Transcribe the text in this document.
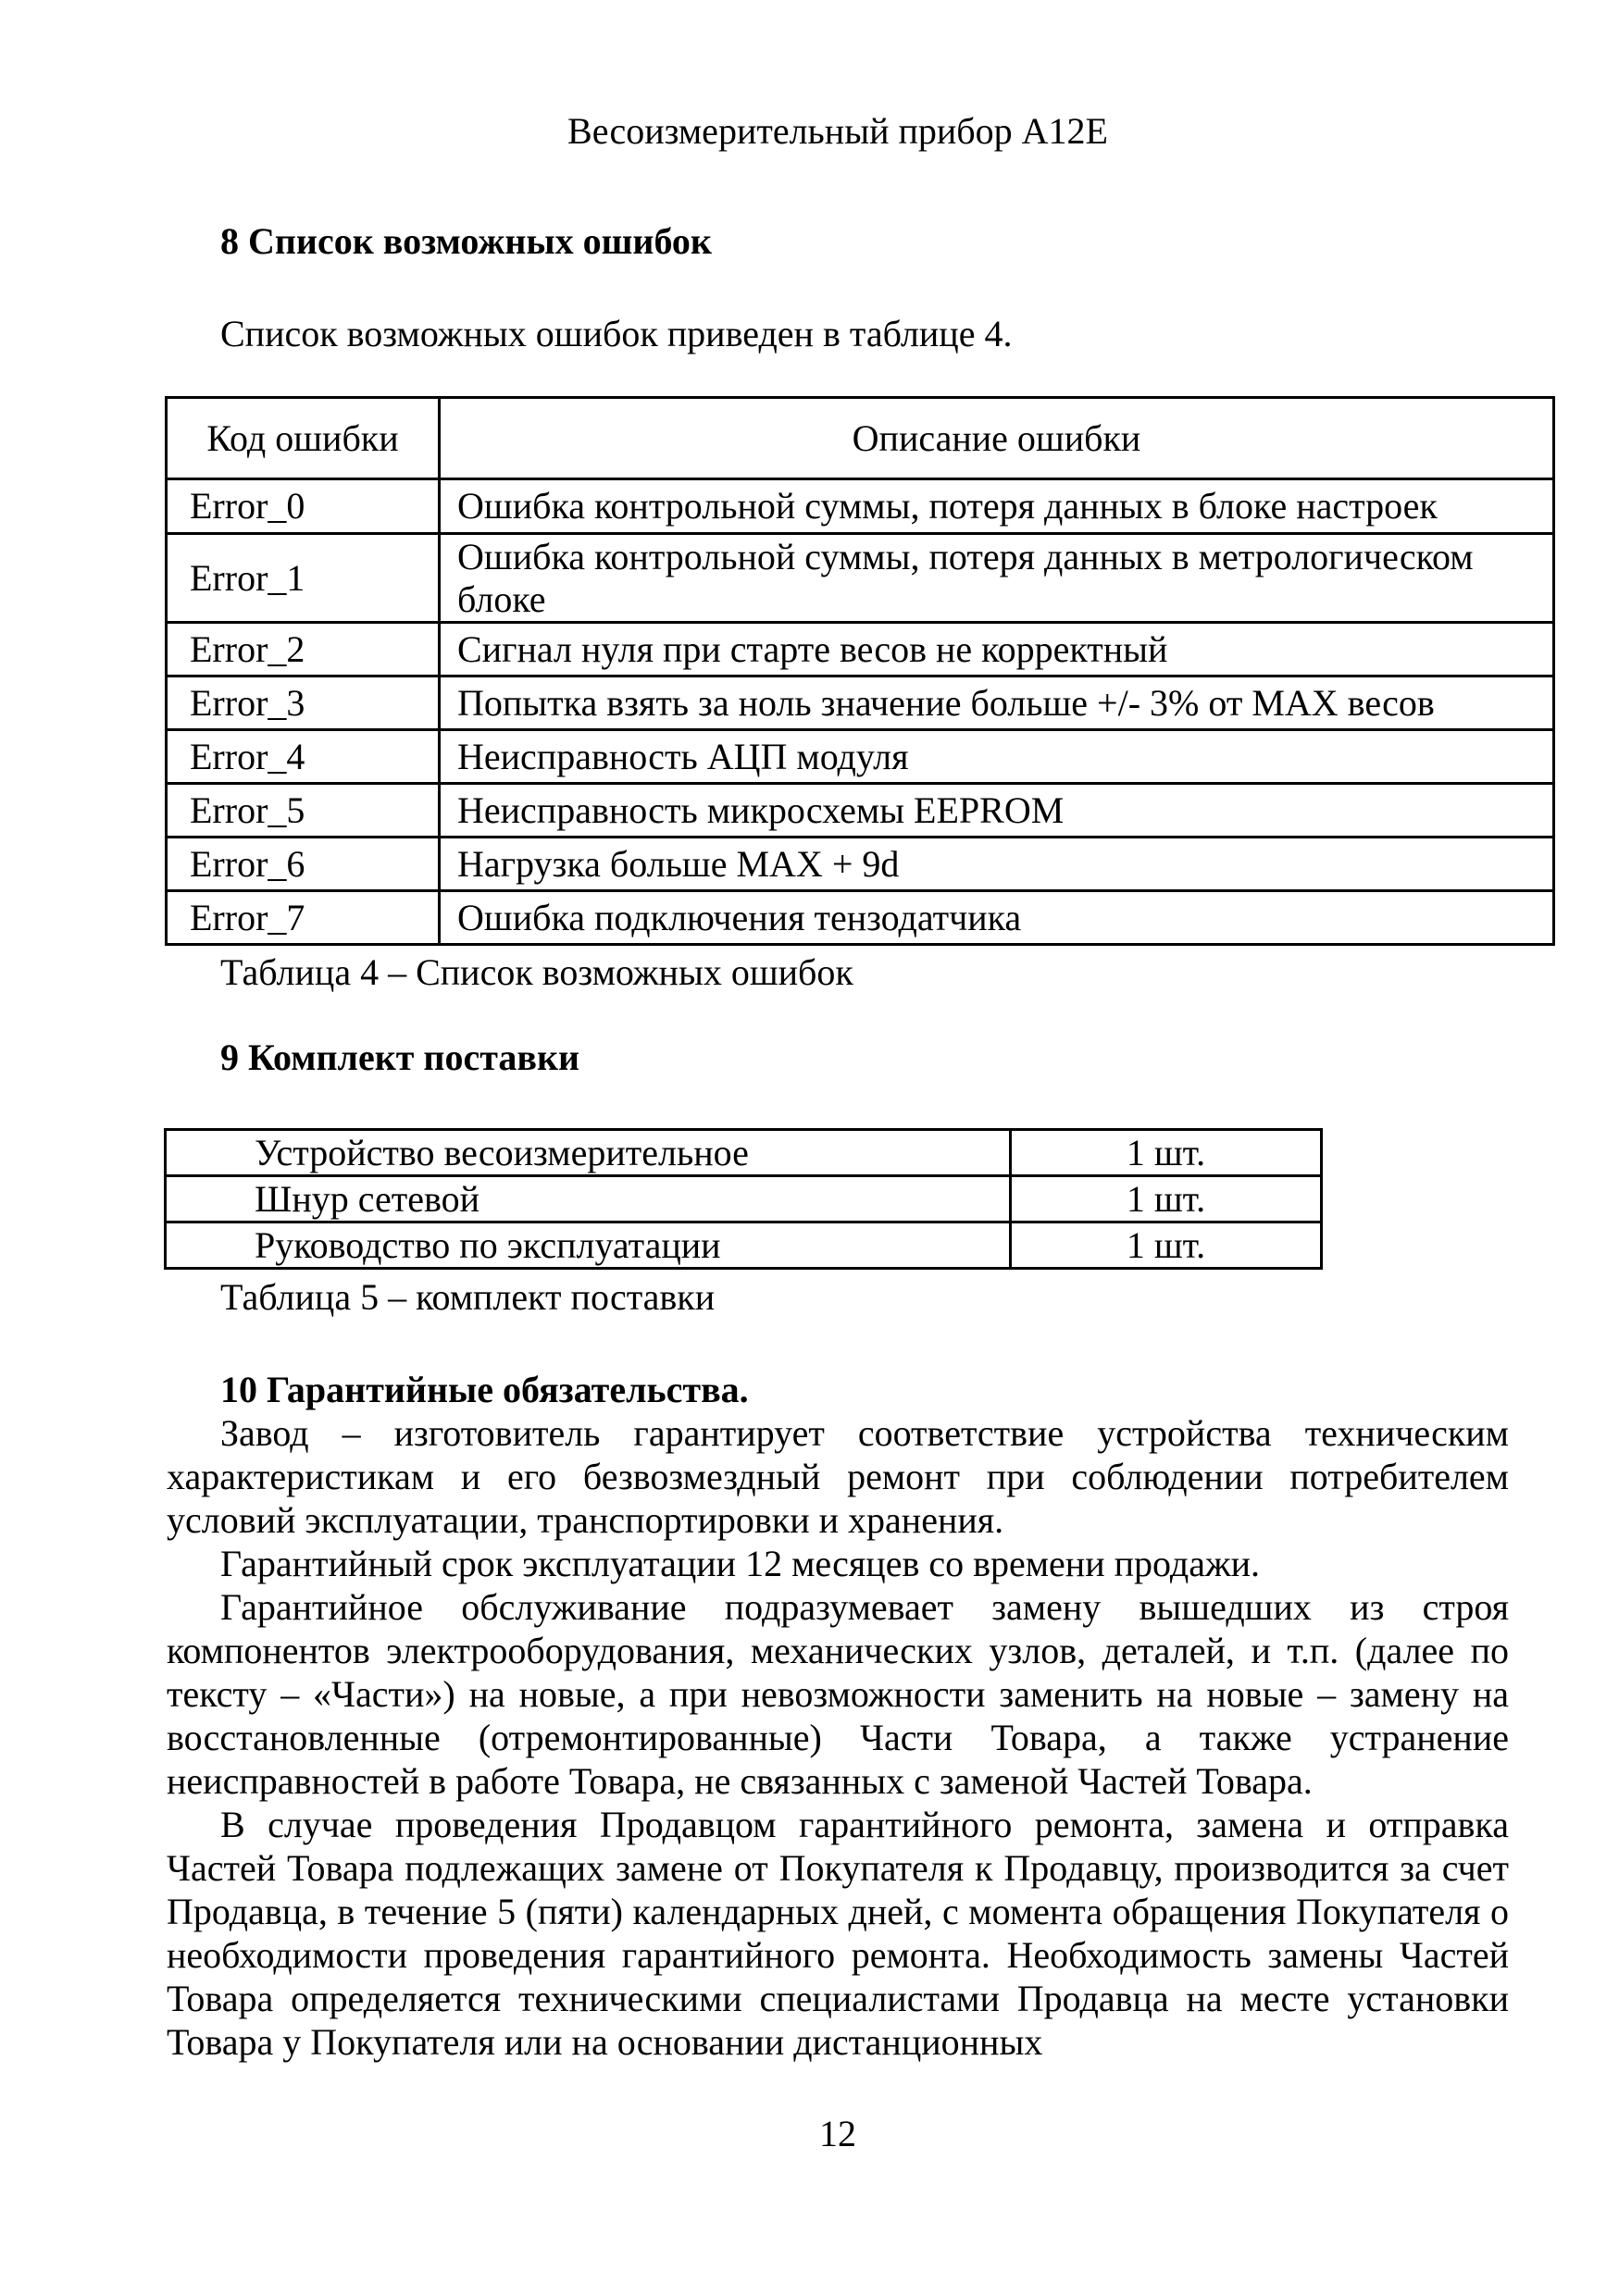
Весоизмерительный прибор А12Е
8 Список возможных ошибок

Список возможных ошибок приведен в таблице 4.

Код ошибки	Описание ошибки
Error_0	Ошибка контрольной суммы, потеря данных в блоке настроек
Error_1	Ошибка контрольной суммы, потеря данных в метрологическом блоке
Error_2	Сигнал нуля при старте весов не корректный
Error_3	Попытка взять за ноль значение больше +/- 3% от MAX весов
Error_4	Неисправность АЦП модуля
Error_5	Неисправность микросхемы EEPROM
Error_6	Нагрузка больше MAX + 9d
Error_7	Ошибка подключения тензодатчика

Таблица 4 – Список возможных ошибок

9 Комплект поставки
Устройство весоизмерительное	1 шт.
Шнур сетевой	1 шт.
Руководство по эксплуатации	1 шт.

Таблица 5 – комплект поставки

10 Гарантийные обязательства.

Завод – изготовитель гарантирует соответствие устройства техническим характеристикам и его безвозмездный ремонт при соблюдении потребителем условий эксплуатации, транспортировки и хранения.

Гарантийный срок эксплуатации 12 месяцев со времени продажи.

Гарантийное обслуживание подразумевает замену вышедших из строя компонентов электрооборудования, механических узлов, деталей, и т.п. (далее по тексту – «Части») на новые, а при невозможности заменить на новые – замену на восстановленные (отремонтированные) Части Товара, а также устранение неисправностей в работе Товара, не связанных с заменой Частей Товара.

В случае проведения Продавцом гарантийного ремонта, замена и отправка Частей Товара подлежащих замене от Покупателя к Продавцу, производится за счет Продавца, в течение 5 (пяти) календарных дней, с момента обращения Покупателя о необходимости проведения гарантийного ремонта. Необходимость замены Частей Товара определяется техническими специалистами Продавца на месте установки Товара у Покупателя или на основании дистанционных

12
